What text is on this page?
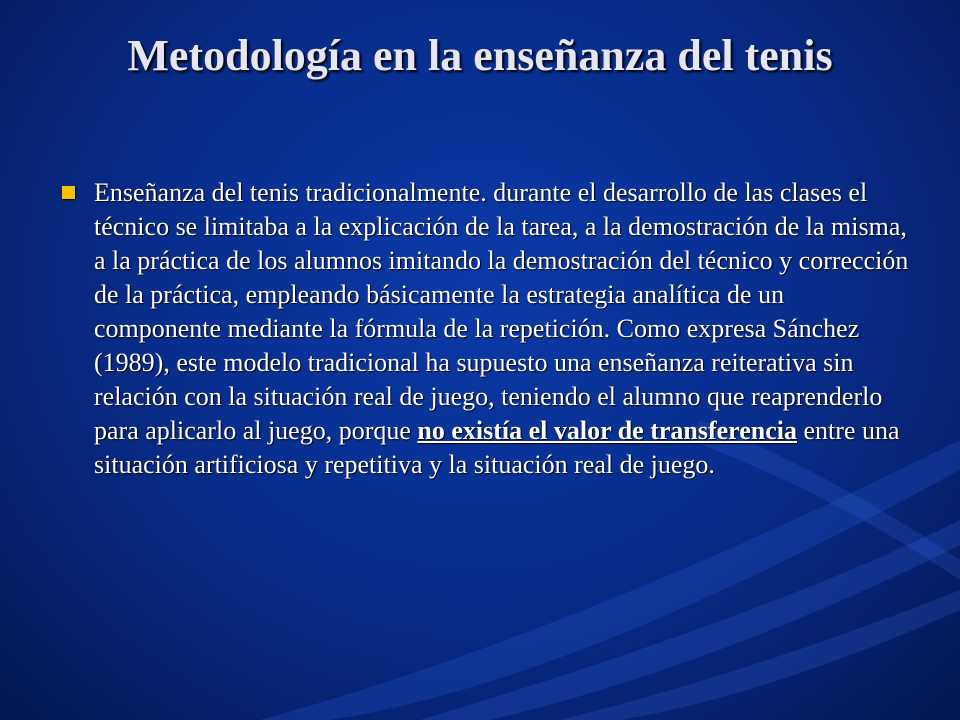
Metodología en la enseñanza del tenis
Enseñanza del tenis tradicionalmente. durante el desarrollo de las clases el técnico se limitaba a la explicación de la tarea, a la demostración de la misma, a la práctica de los alumnos imitando la demostración del técnico y corrección de la práctica, empleando básicamente la estrategia analítica de un componente mediante la fórmula de la repetición. Como expresa Sánchez (1989), este modelo tradicional ha supuesto una enseñanza reiterativa sin relación con la situación real de juego, teniendo el alumno que reaprenderlo para aplicarlo al juego, porque no existía el valor de transferencia entre una situación artificiosa y repetitiva y la situación real de juego.
